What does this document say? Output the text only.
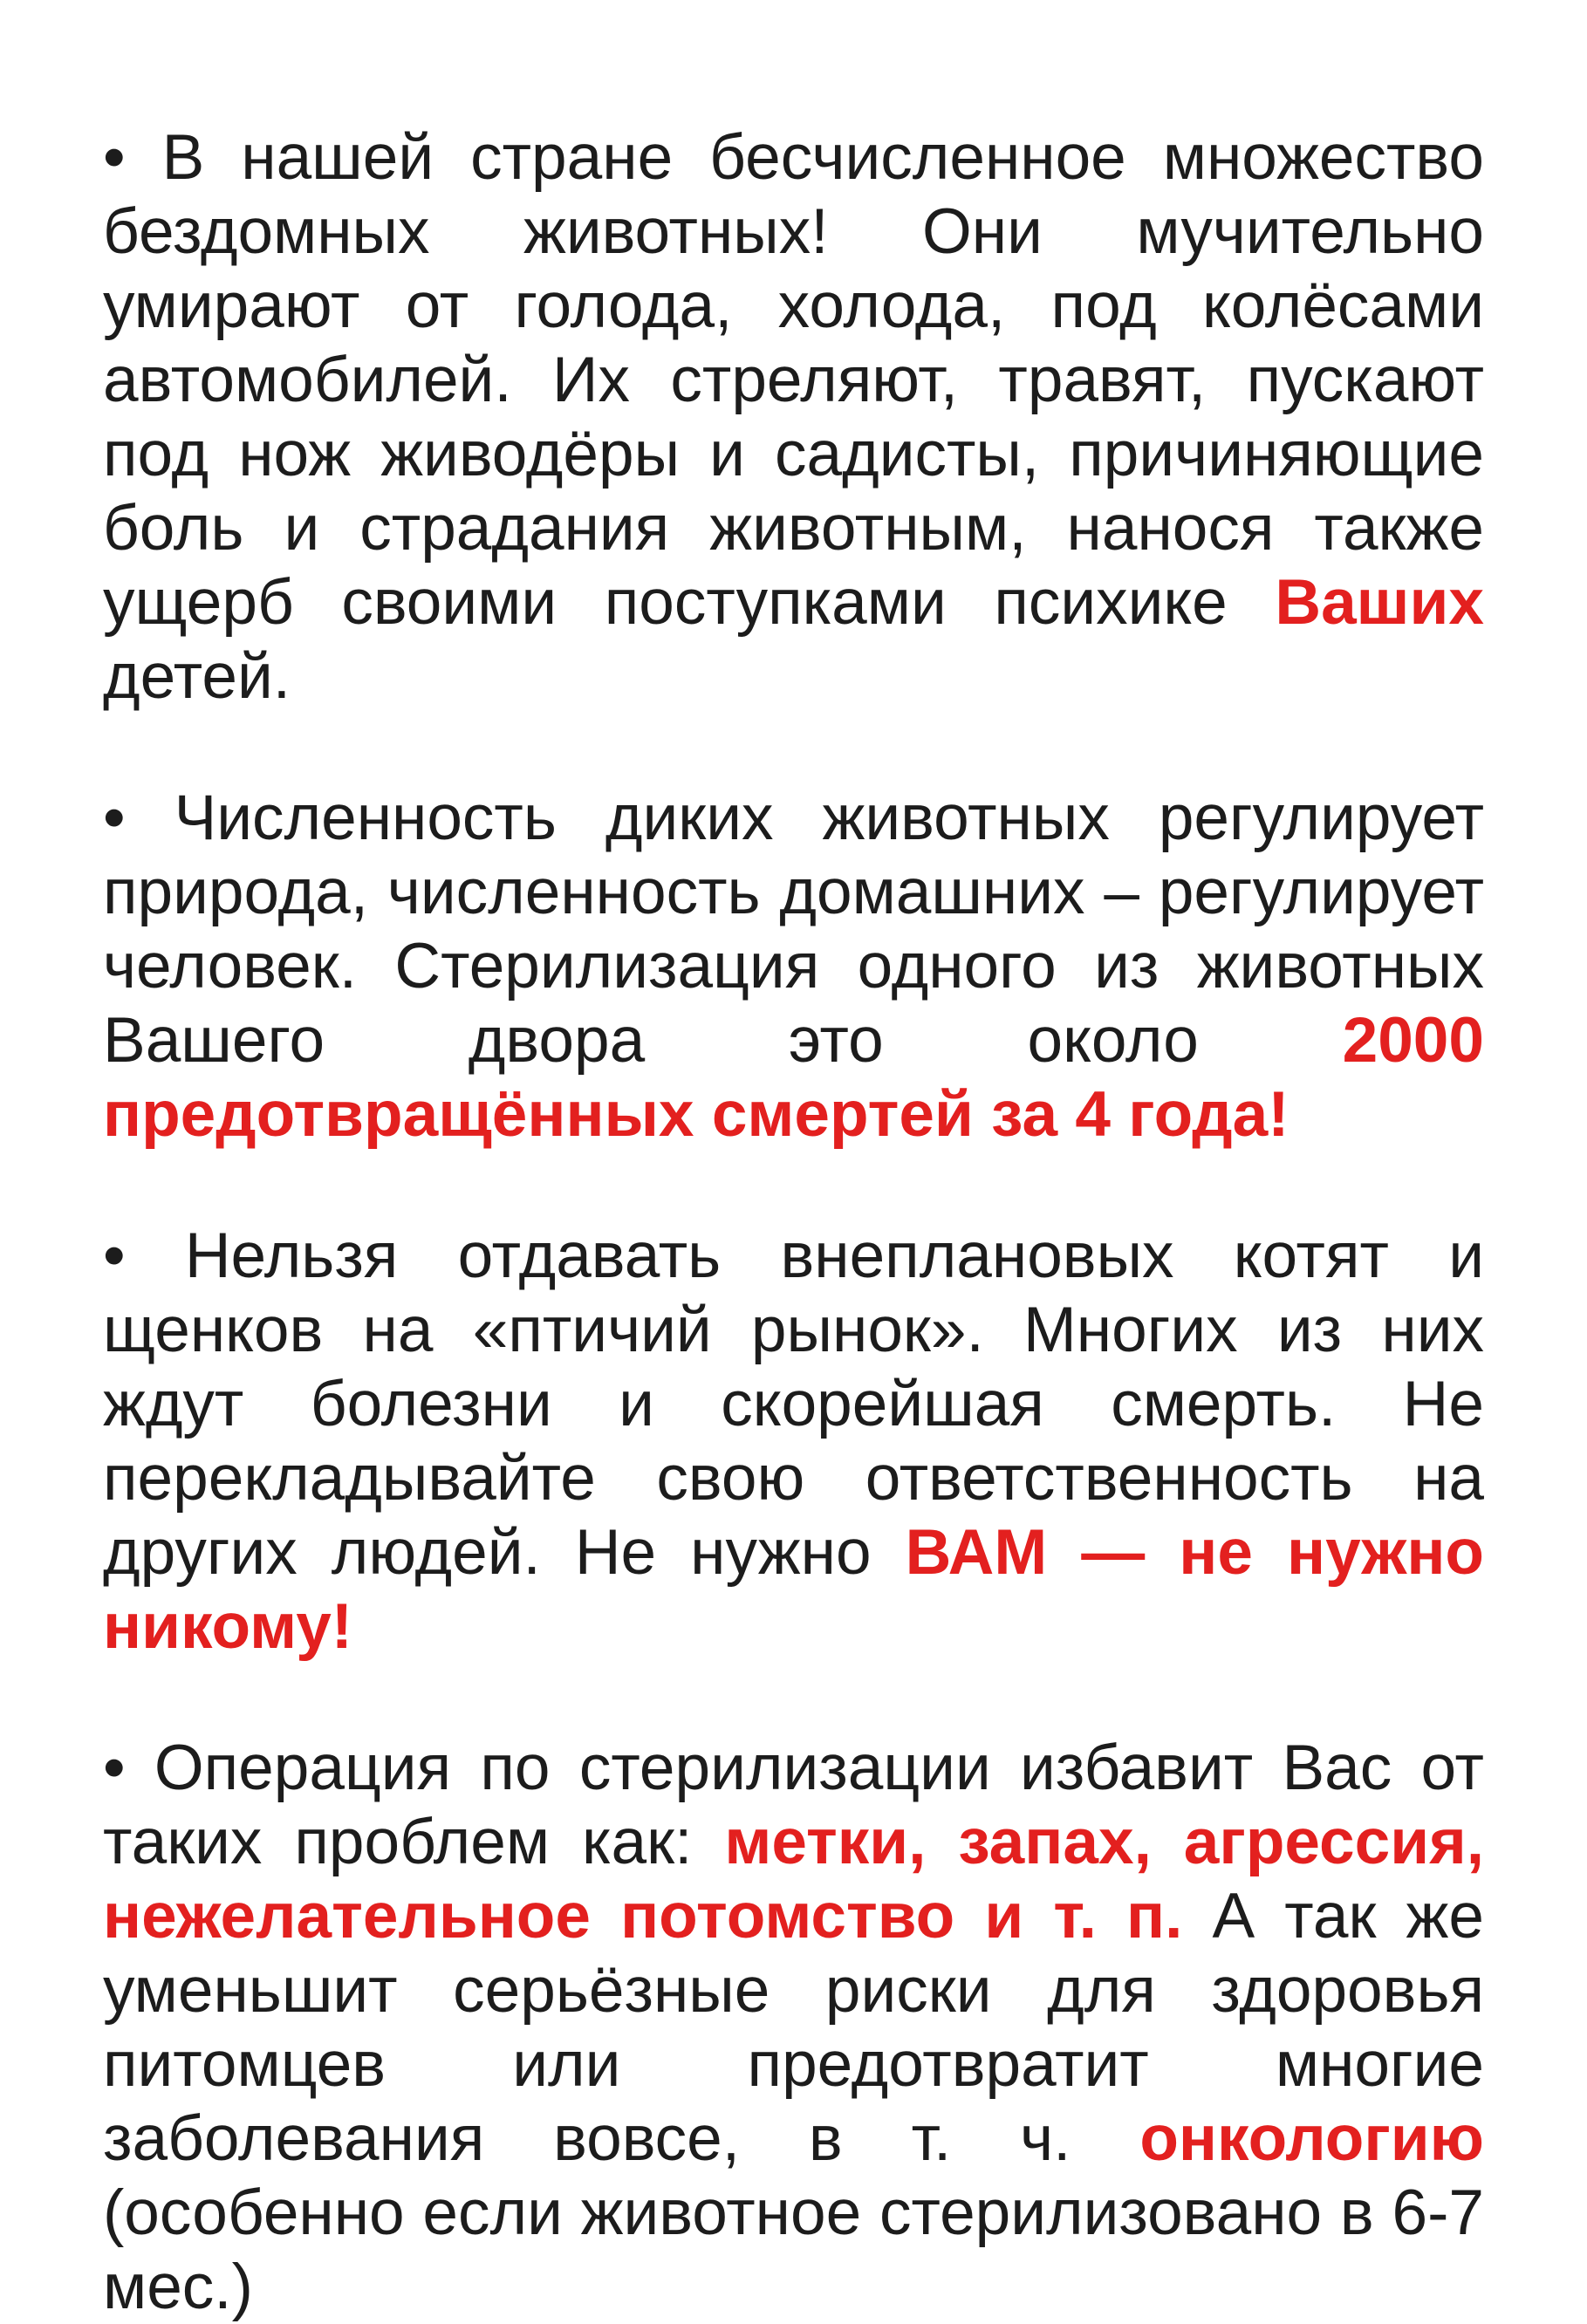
• В нашей стране бесчисленное множество бездомных животных! Они мучительно умирают от голода, холода, под колёсами автомобилей. Их стреляют, травят, пускают под нож живодёры и садисты, причиняющие боль и страдания животным, нанося также ущерб своими поступками психике Ваших детей.

• Численность диких животных регулирует природа, численность домашних – регулирует человек. Стерилизация одного из животных Вашего двора это около 2000 предотвращённых смертей за 4 года!

• Нельзя отдавать внеплановых котят и щенков на «птичий рынок». Многих из них ждут болезни и скорейшая смерть. Не перекладывайте свою ответственность на других людей. Не нужно ВАМ — не нужно никому!

• Операция по стерилизации избавит Вас от таких проблем как: метки, запах, агрессия, нежелательное потомство и т. п. А так же уменьшит серьёзные риски для здоровья питомцев или предотвратит многие заболевания вовсе, в т. ч. онкологию (особенно если животное стерилизовано в 6-7 мес.)
